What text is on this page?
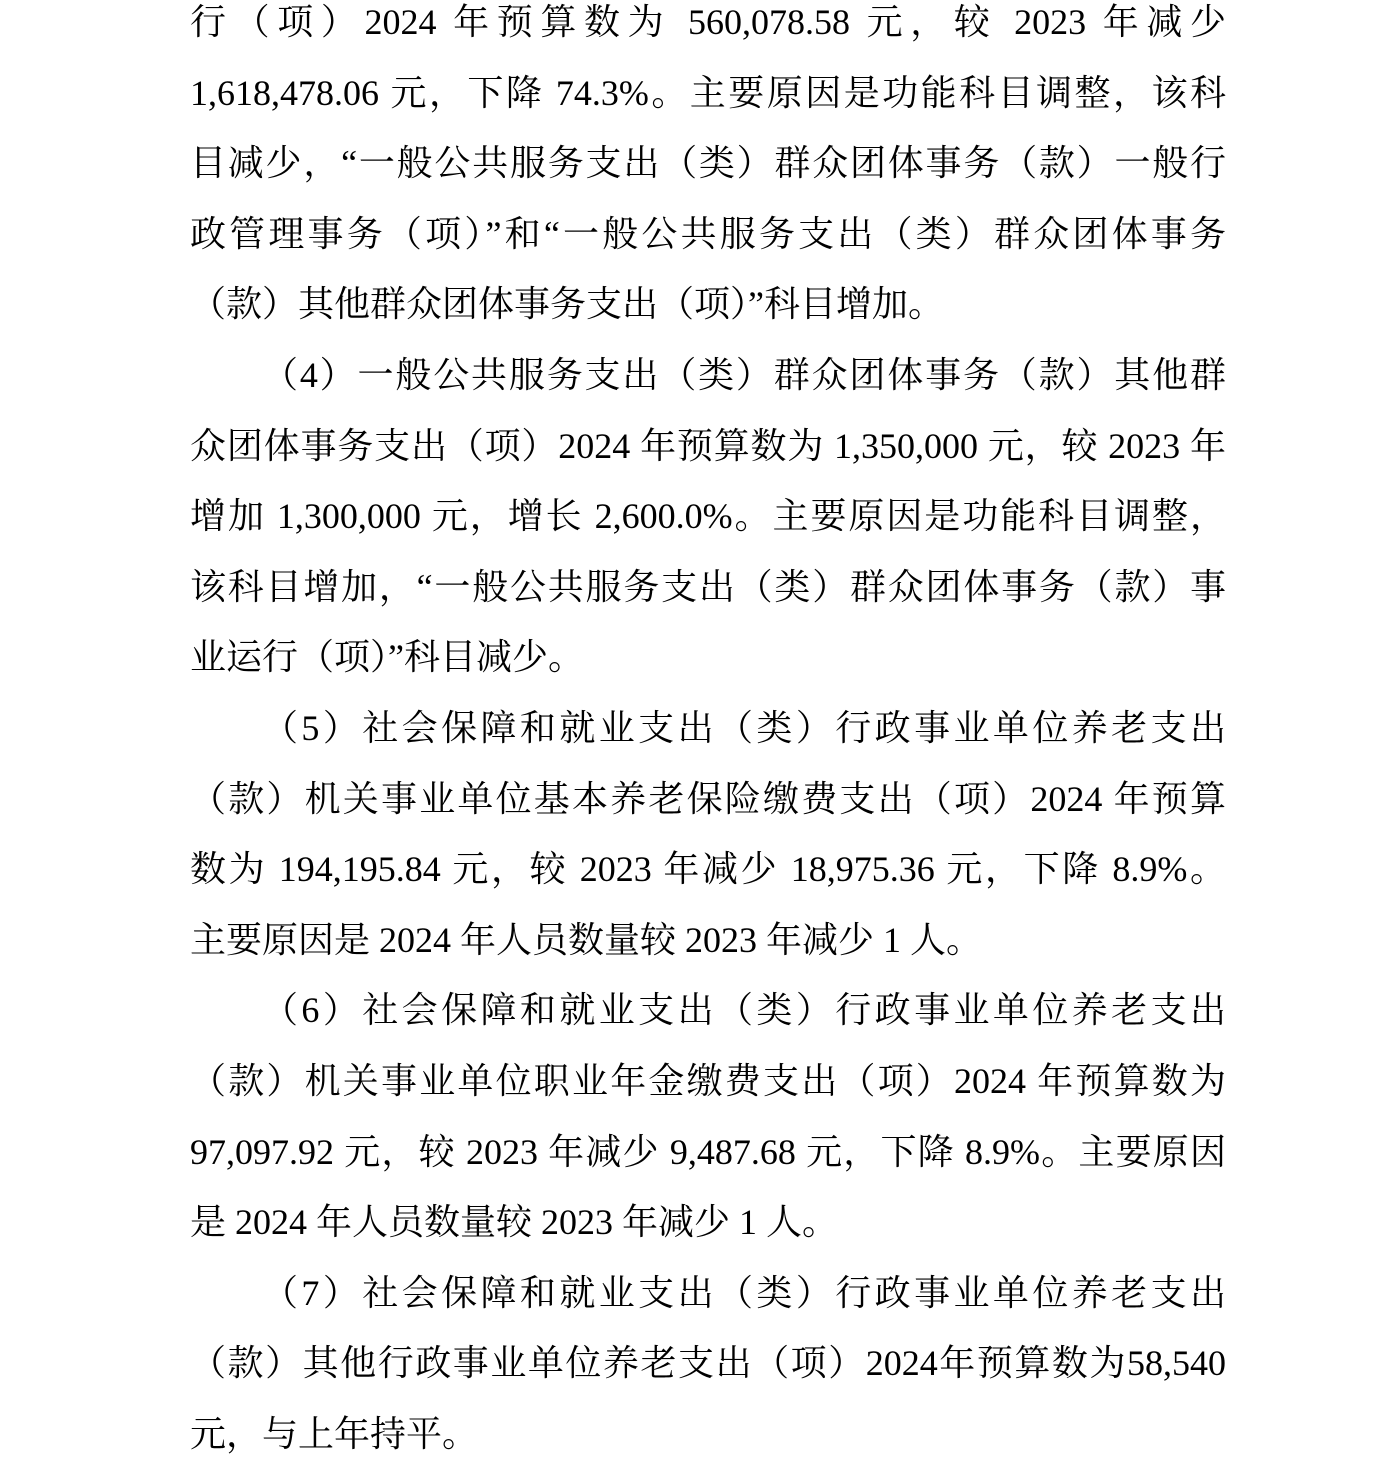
行（项）2024 年预算数为 560,078.58 元，较 2023 年减少
1,618,478.06 元，下降 74.3%。主要原因是功能科目调整，该科
目减少，“一般公共服务支出（类）群众团体事务（款）一般行
政管理事务（项）”和“一般公共服务支出（类）群众团体事务
（款）其他群众团体事务支出（项）”科目增加。
（4）一般公共服务支出（类）群众团体事务（款）其他群
众团体事务支出（项）2024 年预算数为 1,350,000 元，较 2023 年
增加 1,300,000 元，增长 2,600.0%。主要原因是功能科目调整，
该科目增加，“一般公共服务支出（类）群众团体事务（款）事
业运行（项）”科目减少。
（5）社会保障和就业支出（类）行政事业单位养老支出
（款）机关事业单位基本养老保险缴费支出（项）2024 年预算
数为 194,195.84 元，较 2023 年减少 18,975.36 元，下降 8.9%。
主要原因是 2024 年人员数量较 2023 年减少 1 人。
（6）社会保障和就业支出（类）行政事业单位养老支出
（款）机关事业单位职业年金缴费支出（项）2024 年预算数为
97,097.92 元，较 2023 年减少 9,487.68 元，下降 8.9%。主要原因
是 2024 年人员数量较 2023 年减少 1 人。
（7）社会保障和就业支出（类）行政事业单位养老支出
（款）其他行政事业单位养老支出（项）2024年预算数为58,540
元，与上年持平。
